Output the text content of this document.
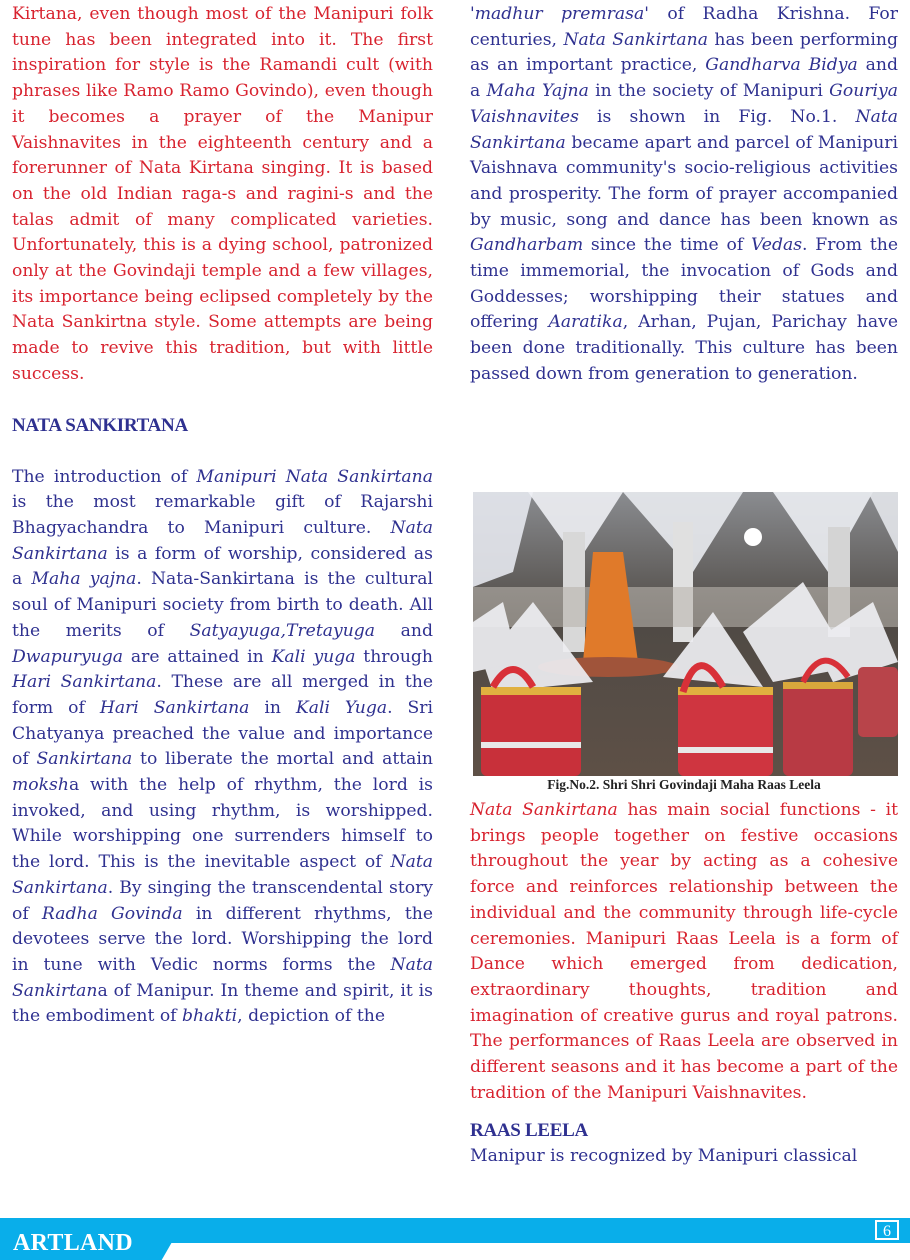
Kirtana, even though most of the Manipuri folk tune has been integrated into it. The first inspiration for style is the Ramandi cult (with phrases like Ramo Ramo Govindo), even though it becomes a prayer of the Manipur Vaishnavites in the eighteenth century and a forerunner of Nata Kirtana singing. It is based on the old Indian raga-s and ragini-s and the talas admit of many complicated varieties. Unfortunately, this is a dying school, patronized only at the Govindaji temple and a few villages, its importance being eclipsed completely by the Nata Sankirtna style. Some attempts are being made to revive this tradition, but with little success.

NATA SANKIRTANA

The introduction of Manipuri Nata Sankirtana is the most remarkable gift of Rajarshi Bhagyachandra to Manipuri culture. Nata Sankirtana is a form of worship, considered as a Maha yajna. Nata-Sankirtana is the cultural soul of Manipuri society from birth to death. All the merits of Satyayuga,Tretayuga and Dwapuryuga are attained in Kali yuga through Hari Sankirtana. These are all merged in the form of Hari Sankirtana in Kali Yuga. Sri Chatyanya preached the value and importance of Sankirtana to liberate the mortal and attain moksha with the help of rhythm, the lord is invoked, and using rhythm, is worshipped. While worshipping one surrenders himself to the lord. This is the inevitable aspect of Nata Sankirtana. By singing the transcendental story of Radha Govinda in different rhythms, the devotees serve the lord. Worshipping the lord in tune with Vedic norms forms the Nata Sankirtana of Manipur. In theme and spirit, it is the embodiment of bhakti, depiction of the

'madhur premrasa' of Radha Krishna. For centuries, Nata Sankirtana has been performing as an important practice, Gandharva Bidya and a Maha Yajna in the society of Manipuri Gouriya Vaishnavites is shown in Fig. No.1. Nata Sankirtana became apart and parcel of Manipuri Vaishnava community's socio-religious activities and prosperity. The form of prayer accompanied by music, song and dance has been known as Gandharbam since the time of Vedas. From the time immemorial, the invocation of Gods and Goddesses; worshipping their statues and offering Aaratika, Arhan, Pujan, Parichay have been done traditionally. This culture has been passed down from generation to generation.

Fig.No.2. Shri Shri Govindaji Maha Raas Leela

Nata Sankirtana has main social functions - it brings people together on festive occasions throughout the year by acting as a cohesive force and reinforces relationship between the individual and the community through life-cycle ceremonies. Manipuri Raas Leela is a form of Dance which emerged from dedication, extraordinary thoughts, tradition and imagination of creative gurus and royal patrons. The performances of Raas Leela are observed in different seasons and it has become a part of the tradition of the Manipuri Vaishnavites.

RAAS LEELA

Manipur is recognized by Manipuri classical

ARTLAND	6
